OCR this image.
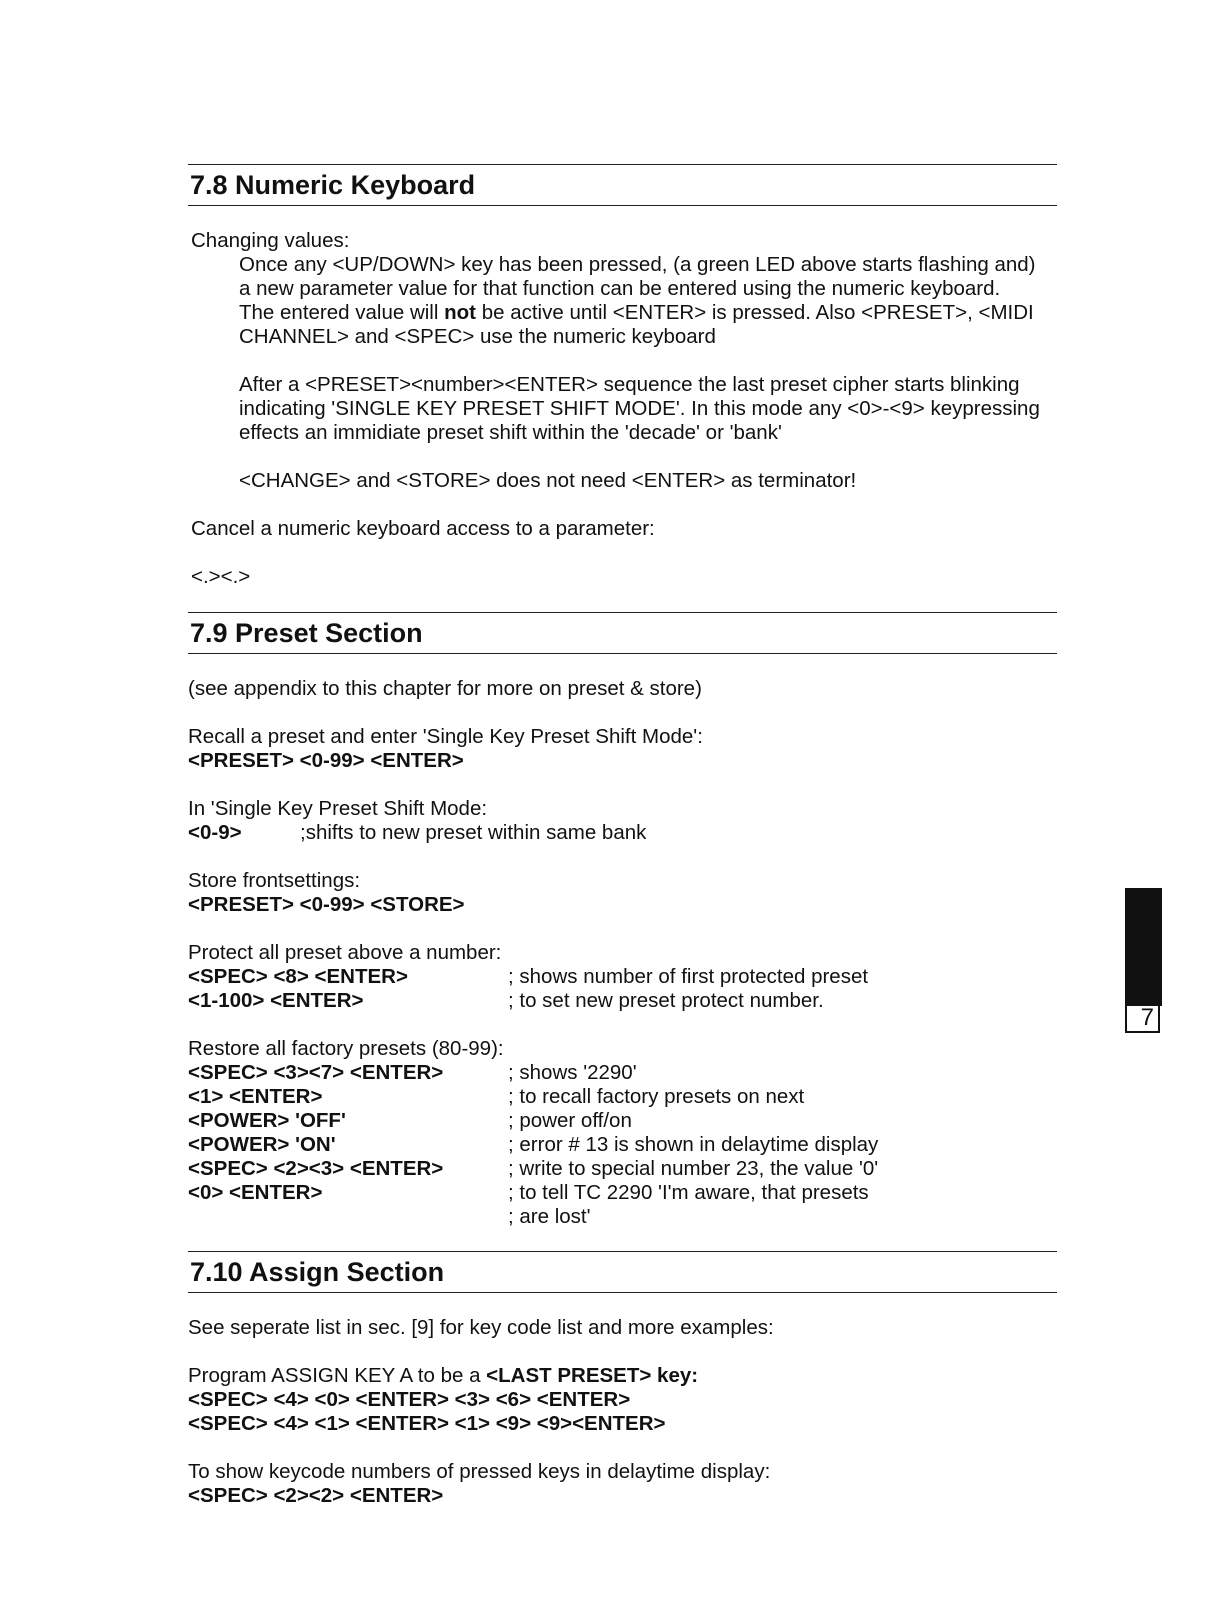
7.8 Numeric Keyboard
Changing values:
Once any <UP/DOWN> key has been pressed, (a green LED above starts flashing and)
a new parameter value for that function can be entered using the numeric keyboard.
The entered value will not be active until <ENTER> is pressed. Also <PRESET>, <MIDI
CHANNEL> and <SPEC> use the numeric keyboard
After a <PRESET><number><ENTER> sequence the last preset cipher starts blinking
indicating 'SINGLE KEY PRESET SHIFT MODE'. In this mode any <0>-<9> keypressing
effects an immidiate preset shift within the 'decade' or 'bank'
<CHANGE> and <STORE> does not need <ENTER> as terminator!
Cancel a numeric keyboard access to a parameter:
<.><.>
7.9 Preset Section
(see appendix to this chapter for more on preset & store)
Recall a preset and enter 'Single Key Preset Shift Mode':
<PRESET> <0-99> <ENTER>
In 'Single Key Preset Shift Mode:
<0-9>	;shifts to new preset within same bank
Store frontsettings:
<PRESET> <0-99> <STORE>
Protect all preset above a number:
<SPEC> <8> <ENTER>	; shows number of first protected preset
<1-100> <ENTER>	; to set new preset protect number.
Restore all factory presets (80-99):
<SPEC> <3><7> <ENTER>	; shows '2290'
<1> <ENTER>	; to recall factory presets on next
<POWER> 'OFF'	; power off/on
<POWER> 'ON'	; error # 13 is shown in delaytime display
<SPEC> <2><3> <ENTER>	; write to special number 23, the value '0'
<0> <ENTER>	; to tell TC 2290 'I'm aware, that presets
; are lost'
7.10 Assign Section
See seperate list in sec. [9] for key code list and more examples:
Program ASSIGN KEY A to be a <LAST PRESET> key:
<SPEC> <4> <0> <ENTER> <3> <6> <ENTER>
<SPEC> <4> <1> <ENTER> <1> <9> <9><ENTER>
To show keycode numbers of pressed keys in delaytime display:
<SPEC> <2><2> <ENTER>
7
